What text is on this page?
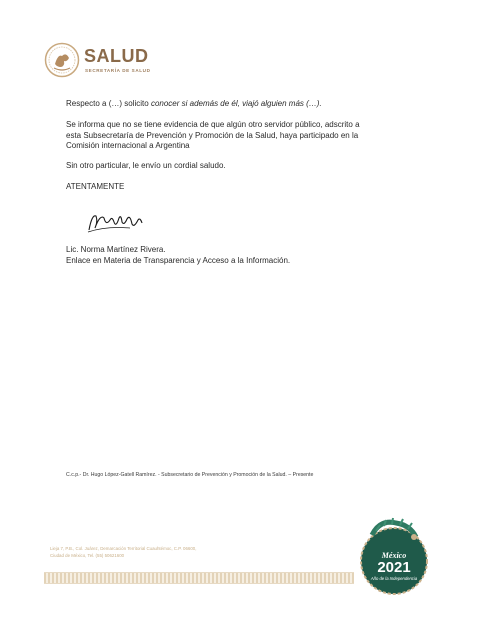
SALUD
SECRETARÍA DE SALUD
Respecto a (…) solicito conocer si además de él, viajó alguien más (…).
Se informa que no se tiene evidencia de que algún otro servidor público, adscrito a
esta Subsecretaría de Prevención y Promoción de la Salud, haya participado en la
Comisión internacional a Argentina
Sin otro particular, le envío un cordial saludo.
ATENTAMENTE
Lic. Norma Martínez Rivera.
Enlace en Materia de Transparencia y Acceso a la Información.
C.c.p.- Dr. Hugo López-Gatell Ramírez. - Subsecretario de Prevención y Promoción de la Salud. – Presente
Lieja 7, P.B., Col. Juárez, Demarcación Territorial Cuauhtémoc, C.P. 06600,
Ciudad de México, Tel. (55) 50621600	México
2021
Año de la Independencia
